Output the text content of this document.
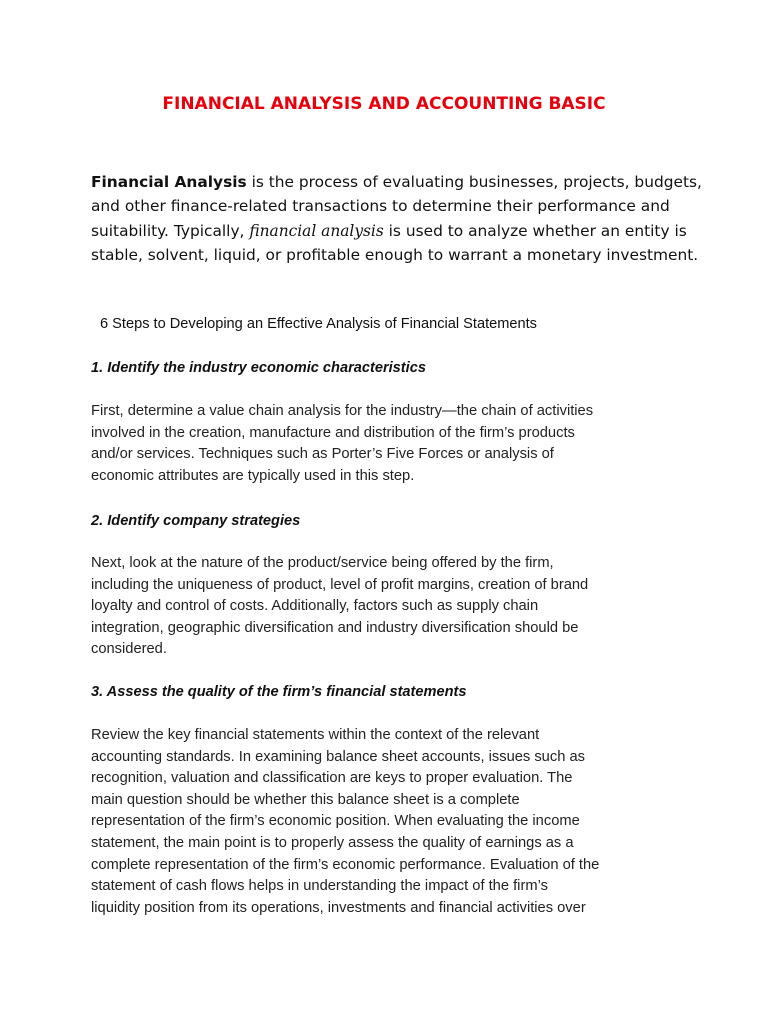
FINANCIAL ANALYSIS AND ACCOUNTING BASIC

Financial Analysis is the process of evaluating businesses, projects, budgets,
and other finance-related transactions to determine their performance and
suitability. Typically, financial analysis is used to analyze whether an entity is
stable, solvent, liquid, or profitable enough to warrant a monetary investment.

6 Steps to Developing an Effective Analysis of Financial Statements

1. Identify the industry economic characteristics

First, determine a value chain analysis for the industry—the chain of activities
involved in the creation, manufacture and distribution of the firm’s products
and/or services. Techniques such as Porter’s Five Forces or analysis of
economic attributes are typically used in this step.

2. Identify company strategies

Next, look at the nature of the product/service being offered by the firm,
including the uniqueness of product, level of profit margins, creation of brand
loyalty and control of costs. Additionally, factors such as supply chain
integration, geographic diversification and industry diversification should be
considered.

3. Assess the quality of the firm’s financial statements

Review the key financial statements within the context of the relevant
accounting standards. In examining balance sheet accounts, issues such as
recognition, valuation and classification are keys to proper evaluation. The
main question should be whether this balance sheet is a complete
representation of the firm’s economic position. When evaluating the income
statement, the main point is to properly assess the quality of earnings as a
complete representation of the firm’s economic performance. Evaluation of the
statement of cash flows helps in understanding the impact of the firm’s
liquidity position from its operations, investments and financial activities over
